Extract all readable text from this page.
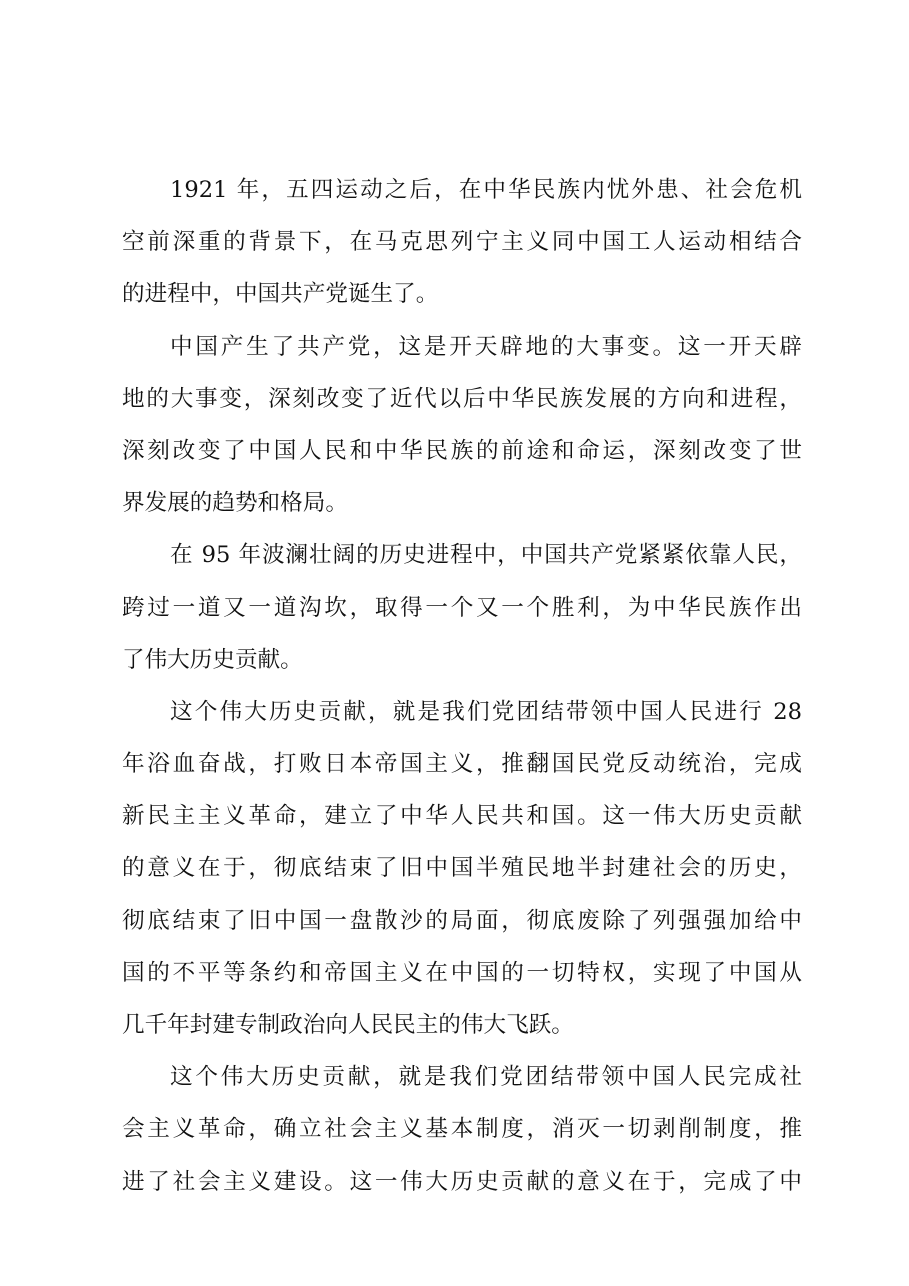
1921 年，五四运动之后，在中华民族内忧外患、社会危机
空前深重的背景下，在马克思列宁主义同中国工人运动相结合
的进程中，中国共产党诞生了。
中国产生了共产党，这是开天辟地的大事变。这一开天辟
地的大事变，深刻改变了近代以后中华民族发展的方向和进程，
深刻改变了中国人民和中华民族的前途和命运，深刻改变了世
界发展的趋势和格局。
在 95 年波澜壮阔的历史进程中，中国共产党紧紧依靠人民，
跨过一道又一道沟坎，取得一个又一个胜利，为中华民族作出
了伟大历史贡献。
这个伟大历史贡献，就是我们党团结带领中国人民进行 28
年浴血奋战，打败日本帝国主义，推翻国民党反动统治，完成
新民主主义革命，建立了中华人民共和国。这一伟大历史贡献
的意义在于，彻底结束了旧中国半殖民地半封建社会的历史，
彻底结束了旧中国一盘散沙的局面，彻底废除了列强强加给中
国的不平等条约和帝国主义在中国的一切特权，实现了中国从
几千年封建专制政治向人民民主的伟大飞跃。
这个伟大历史贡献，就是我们党团结带领中国人民完成社
会主义革命，确立社会主义基本制度，消灭一切剥削制度，推
进了社会主义建设。这一伟大历史贡献的意义在于，完成了中
